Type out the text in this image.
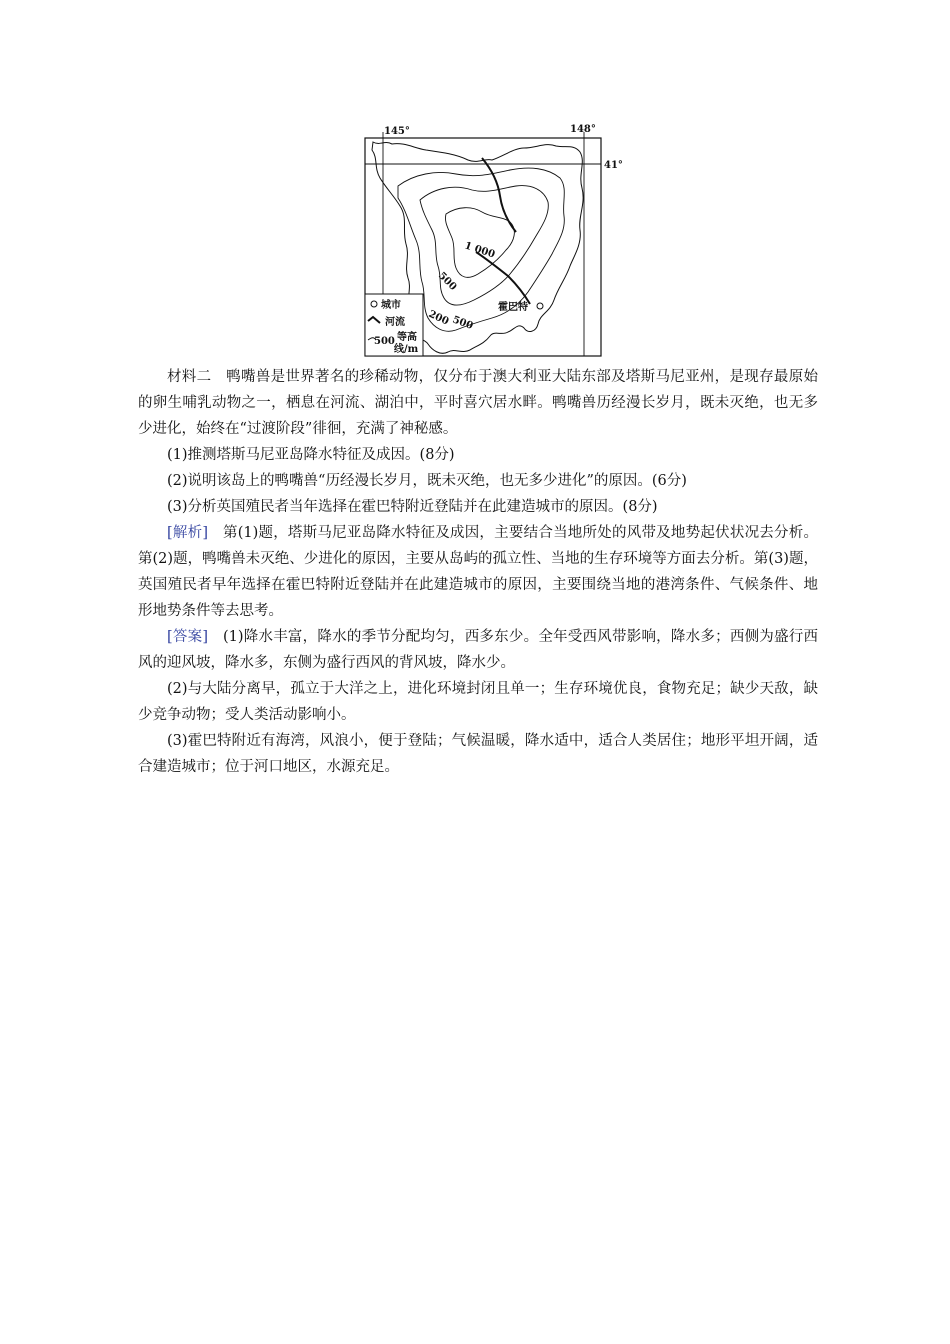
145°	148°
41°
1 000
500
200 500
霍巴特
城市
河流
500 等高
线/m

材料二　鸭嘴兽是世界著名的珍稀动物，仅分布于澳大利亚大陆东部及塔斯马尼亚州，是现存最原始的卵生哺乳动物之一，栖息在河流、湖泊中，平时喜穴居水畔。鸭嘴兽历经漫长岁月，既未灭绝，也无多少进化，始终在“过渡阶段”徘徊，充满了神秘感。

(1)推测塔斯马尼亚岛降水特征及成因。(8分)

(2)说明该岛上的鸭嘴兽“历经漫长岁月，既未灭绝，也无多少进化”的原因。(6分)

(3)分析英国殖民者当年选择在霍巴特附近登陆并在此建造城市的原因。(8分)

[解析]　第(1)题，塔斯马尼亚岛降水特征及成因，主要结合当地所处的风带及地势起伏状况去分析。第(2)题，鸭嘴兽未灭绝、少进化的原因，主要从岛屿的孤立性、当地的生存环境等方面去分析。第(3)题，英国殖民者早年选择在霍巴特附近登陆并在此建造城市的原因，主要围绕当地的港湾条件、气候条件、地形地势条件等去思考。

[答案]　(1)降水丰富，降水的季节分配均匀，西多东少。全年受西风带影响，降水多；西侧为盛行西风的迎风坡，降水多，东侧为盛行西风的背风坡，降水少。

(2)与大陆分离早，孤立于大洋之上，进化环境封闭且单一；生存环境优良，食物充足；缺少天敌，缺少竞争动物；受人类活动影响小。

(3)霍巴特附近有海湾，风浪小，便于登陆；气候温暖，降水适中，适合人类居住；地形平坦开阔，适合建造城市；位于河口地区，水源充足。
